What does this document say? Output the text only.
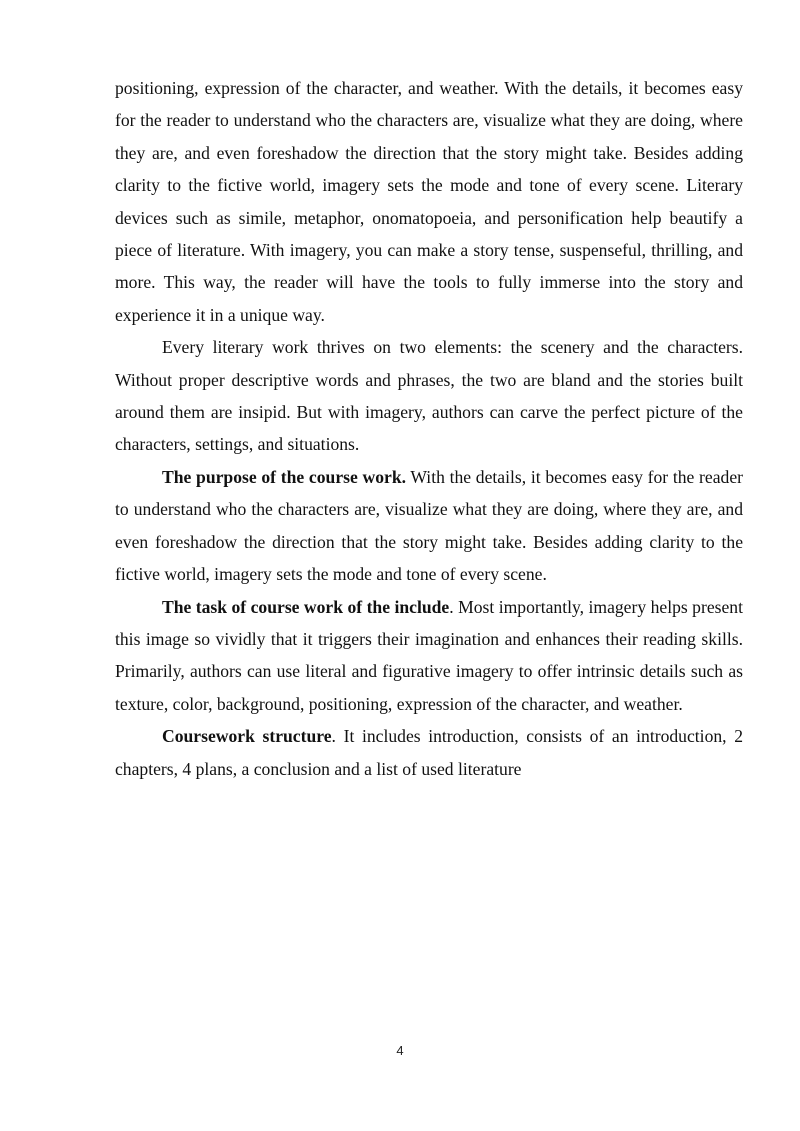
positioning, expression of the character, and weather. With the details, it becomes easy for the reader to understand who the characters are, visualize what they are doing, where they are, and even foreshadow the direction that the story might take. Besides adding clarity to the fictive world, imagery sets the mode and tone of every scene. Literary devices such as simile, metaphor, onomatopoeia, and personification help beautify a piece of literature. With imagery, you can make a story tense, suspenseful, thrilling, and more. This way, the reader will have the tools to fully immerse into the story and experience it in a unique way.

Every literary work thrives on two elements: the scenery and the characters. Without proper descriptive words and phrases, the two are bland and the stories built around them are insipid. But with imagery, authors can carve the perfect picture of the characters, settings, and situations.

The purpose of the course work. With the details, it becomes easy for the reader to understand who the characters are, visualize what they are doing, where they are, and even foreshadow the direction that the story might take. Besides adding clarity to the fictive world, imagery sets the mode and tone of every scene.

The task of course work of the include. Most importantly, imagery helps present this image so vividly that it triggers their imagination and enhances their reading skills. Primarily, authors can use literal and figurative imagery to offer intrinsic details such as texture, color, background, positioning, expression of the character, and weather.

Coursework structure. It includes introduction, consists of an introduction, 2 chapters, 4 plans, a conclusion and a list of used literature

4
